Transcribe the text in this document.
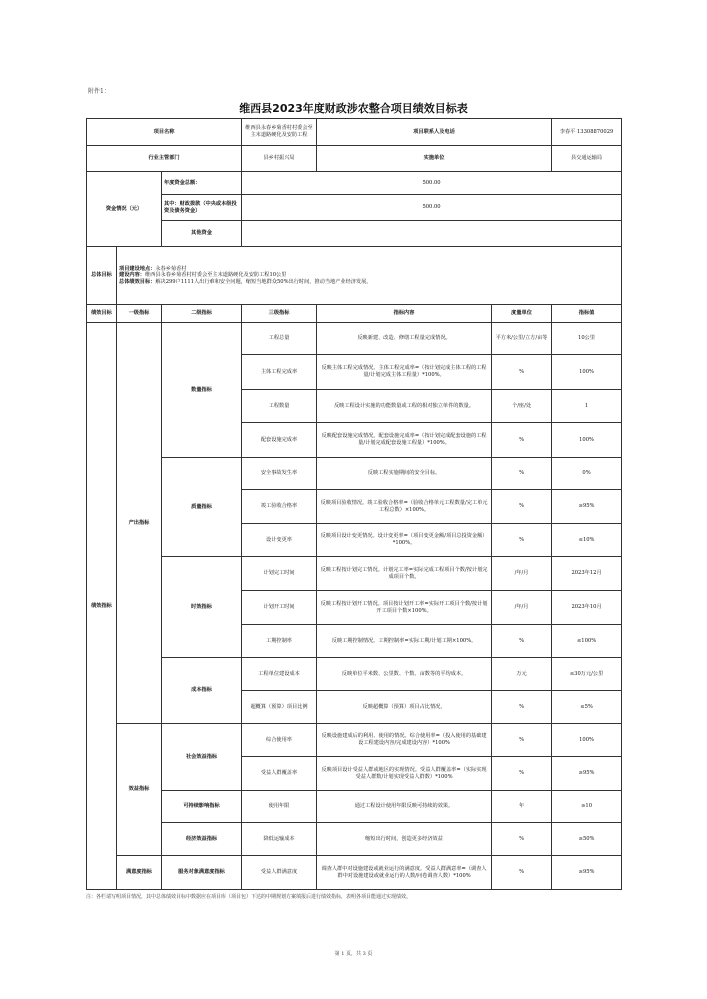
附件1：
维西县2023年度财政涉农整合项目绩效目标表
项目名称			维西县永春乡菊香村村委会至主末道路硬化及安防工程	项目联系人及电话		李春平 13308870029
行业主管部门			县乡村振兴局	实施单位		县交通运输局
资金情况（元）		年度资金总额：	500.00			
		其中：财政拨款（中央或本级投资及债务资金）	500.00			
		其他资金				
总体目标	项目建设地点：永春乡菊香村
建设内容：维西县永春乡菊香村村委会至主末道路硬化及安防工程10公里
总体绩效目标：解决299户1111人出行难和安全问题，缩短当地群众50%出行时间，推动当地产业经济发展。					

绩效目标	一级指标	二级指标	三级指标	指标内容	度量单位	指标值
绩效指标	产出指标	数量指标	工程总量	反映新建、改造、修缮工程量完成情况。	平方米/公里/立方/亩等	10公里
			主体工程完成率	反映主体工程完成情况。主体工程完成率=（按计划完成主体工程的工程量/计划完成主体工程量）*100%。	%	100%
			工程数量	反映工程设计实施的功能数量或工程的相对独立单件的数量。	个/座/处	1
			配套设施完成率	反映配套设施完成情况。配套设施完成率=（按计划完成配套设施的工程量/计划完成配套设施工程量）*100%。	%	100%
		质量指标	安全事故发生率	反映工程实施期间的安全目标。	%	0%
			竣工验收合格率	反映项目验收情况。竣工验收合格率=（验收合格单元工程数量/完工单元工程总数）×100%。	%	≥95%
			设计变更率	反映项目设计变更情况。设计变更率=（项目变更金额/项目总投资金额）*100%。	%	≤10%
		时效指标	计划完工时间	反映工程按计划完工情况。计划完工率=实际完成工程项目个数/按计划完成项目个数。	/年/月	2023年12月
			计划开工时间	反映工程按计划开工情况。项目按计划开工率=实际开工项目个数/按计划开工项目个数×100%。	/年/月	2023年10月
			工期控制率	反映工期控制情况。工期控制率=实际工期/计划工期×100%。	%	≤100%
		成本指标	工程单位建设成本	反映单位平米数、公里数、个数、亩数等的平均成本。	万元	≤30万元/公里
			超概算（预算）项目比例	反映超概算（预算）项目占比情况。	%	≤5%
	效益指标	社会效益指标	综合使用率	反映设施建成后的利用、使用的情况。综合使用率=（投入使用的基础建设工程建设内容/完成建设内容）*100%	%	100%
			受益人群覆盖率	反映项目设计受益人群或地区的实现情况。受益人群覆盖率=（实际实现受益人群数/计划实现受益人群数）*100%	%	≥95%
		可持续影响指标	使用年限	通过工程设计使用年限反映可持续的效果。	年	≥10
		经济效益指标	降低运输成本	缩短出行时间，创造更多经济效益	%	≥50%
	满意度指标	服务对象满意度指标	受益人群满意度	调查人群中对设施建设或就业运行的满意度。受益人群满意率=（调查人群中对设施建设或就业运行的人数/问卷调查人数）*100%	%	≥95%
注：各栏请写明项目情况，其中总体绩效目标中数据应在项目库（项目包）下达的中期规划方案填报后进行绩效指标，表明各项目能通过实现绩效。
第 1 页，共 3 页
